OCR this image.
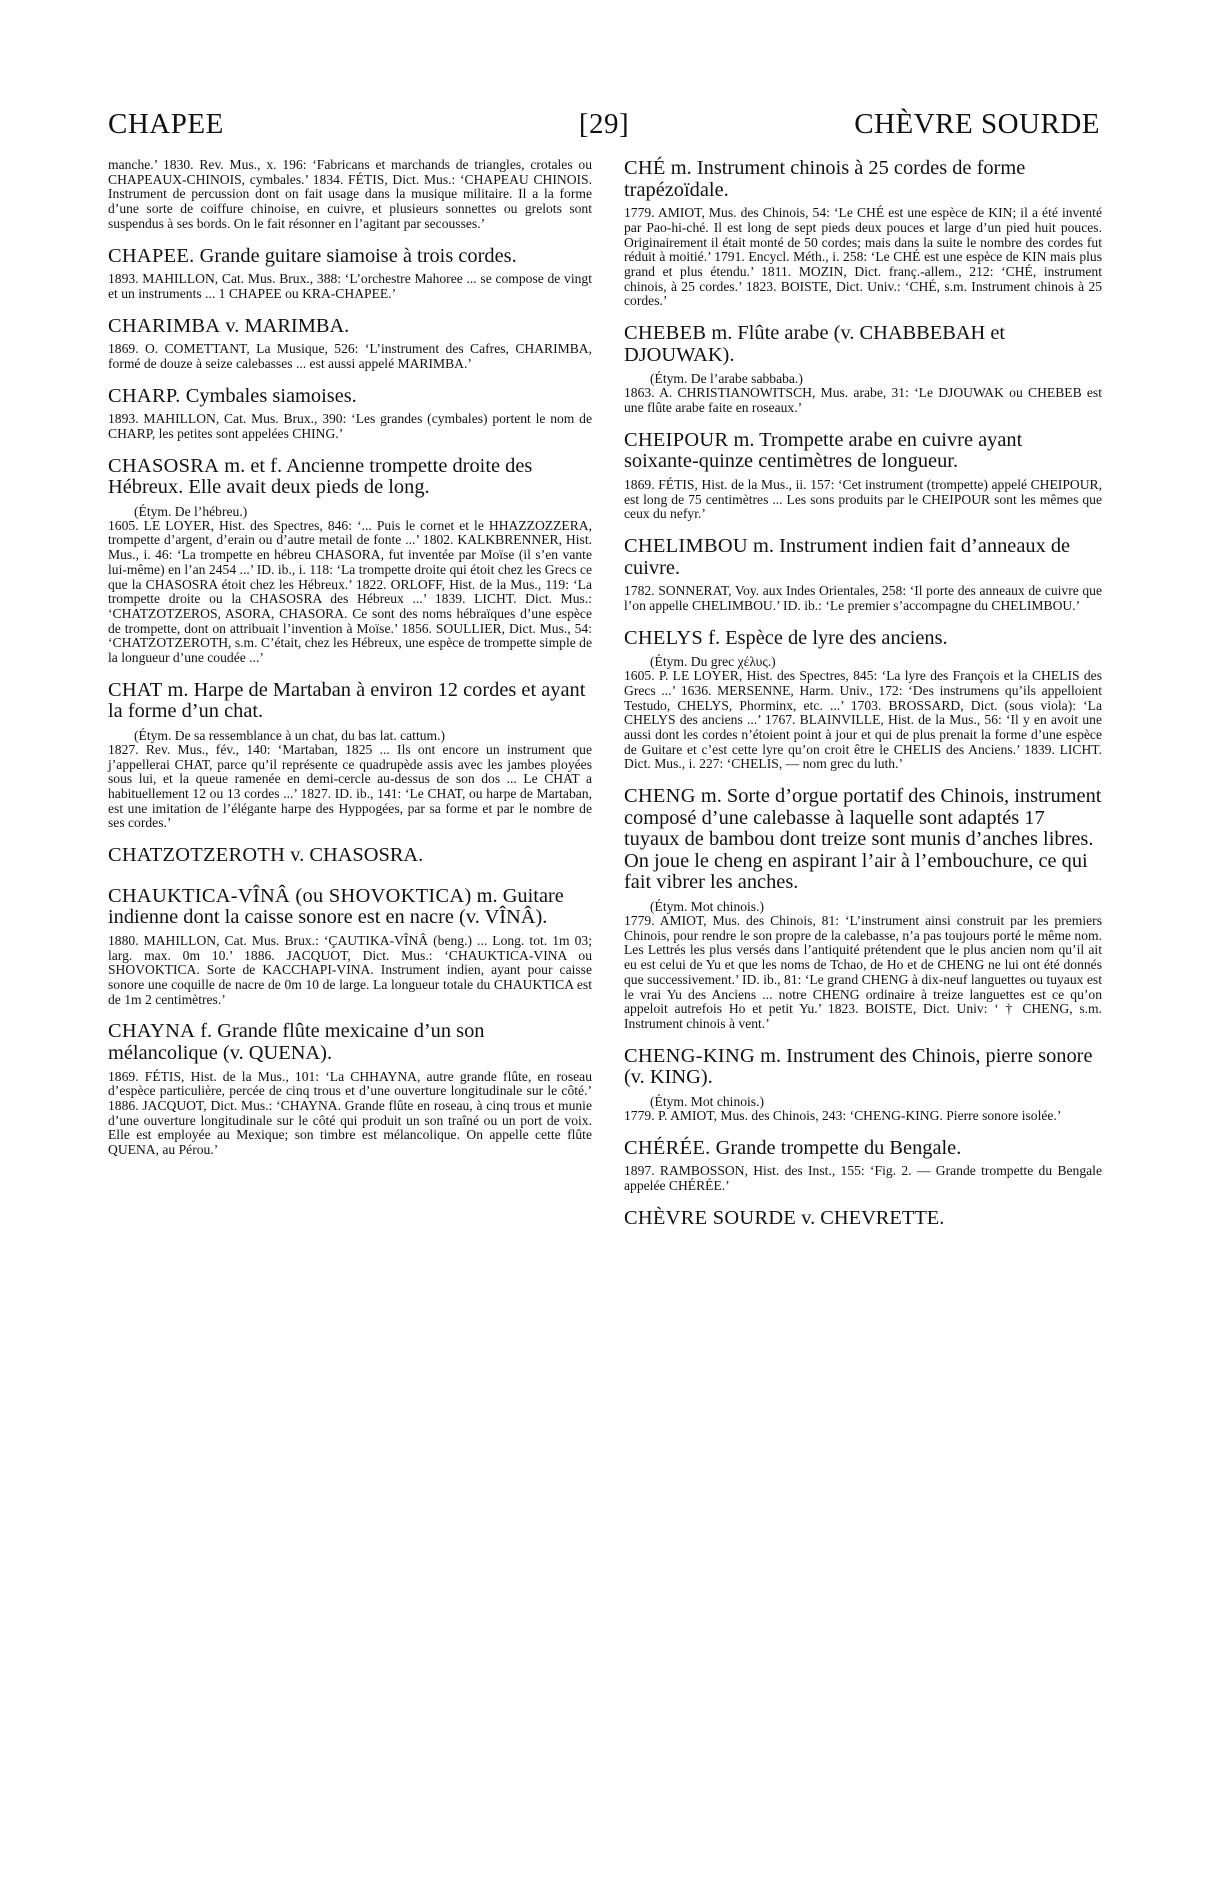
[29]
CHAPEE	CHÈVRE SOURDE

manche.’ 1830. Rev. Mus., x. 196: ‘Fabricans et marchands de triangles, crotales ou CHAPEAUX-CHINOIS, cymbales.’ 1834. FÉTIS, Dict. Mus.: ‘CHAPEAU CHINOIS. Instrument de percussion dont on fait usage dans la musique militaire. Il a la forme d’une sorte de coiffure chinoise, en cuivre, et plusieurs sonnettes ou grelots sont suspendus à ses bords. On le fait résonner en l’agitant par secousses.’

CHAPEE. Grande guitare siamoise à trois cordes.

1893. MAHILLON, Cat. Mus. Brux., 388: ‘L’orchestre Mahoree ... se compose de vingt et un instruments ... 1 CHAPEE ou KRA-CHAPEE.’

CHARIMBA v. MARIMBA.

1869. O. COMETTANT, La Musique, 526: ‘L’instrument des Cafres, CHARIMBA, formé de douze à seize calebasses ... est aussi appelé MARIMBA.’

CHARP. Cymbales siamoises.

1893. MAHILLON, Cat. Mus. Brux., 390: ‘Les grandes (cymbales) portent le nom de CHARP, les petites sont appelées CHING.’

CHASOSRA m. et f. Ancienne trompette droite des Hébreux. Elle avait deux pieds de long.

(Étym. De l’hébreu.)

1605. LE LOYER, Hist. des Spectres, 846: ‘... Puis le cornet et le HHAZZOZZERA, trompette d’argent, d’erain ou d’autre metail de fonte ...’ 1802. KALKBRENNER, Hist. Mus., i. 46: ‘La trompette en hébreu CHASORA, fut inventée par Moïse (il s’en vante lui-même) en l’an 2454 ...’ ID. ib., i. 118: ‘La trompette droite qui étoit chez les Grecs ce que la CHASOSRA étoit chez les Hébreux.’ 1822. ORLOFF, Hist. de la Mus., 119: ‘La trompette droite ou la CHASOSRA des Hébreux ...’ 1839. LICHT. Dict. Mus.: ‘CHATZOTZEROS, ASORA, CHASORA. Ce sont des noms hébraïques d’une espèce de trompette, dont on attribuait l’invention à Moïse.’ 1856. SOULLIER, Dict. Mus., 54: ‘CHATZOTZEROTH, s.m. C’était, chez les Hébreux, une espèce de trompette simple de la longueur d’une coudée ...’

CHAT m. Harpe de Martaban à environ 12 cordes et ayant la forme d’un chat.

(Étym. De sa ressemblance à un chat, du bas lat. cattum.)

1827. Rev. Mus., fév., 140: ‘Martaban, 1825 ... Ils ont encore un instrument que j’appellerai CHAT, parce qu’il représente ce quadrupède assis avec les jambes ployées sous lui, et la queue ramenée en demi-cercle au-dessus de son dos ... Le CHAT a habituellement 12 ou 13 cordes ...’ 1827. ID. ib., 141: ‘Le CHAT, ou harpe de Martaban, est une imitation de l’élégante harpe des Hyppogées, par sa forme et par le nombre de ses cordes.’

CHATZOTZEROTH v. CHASOSRA.

CHAUKTICA-VÎNÂ (ou SHOVOKTICA) m. Guitare indienne dont la caisse sonore est en nacre (v. VÎNÂ).

1880. MAHILLON, Cat. Mus. Brux.: ‘ÇAUTIKA-VÎNÂ (beng.) ... Long. tot. 1m 03; larg. max. 0m 10.’ 1886. JACQUOT, Dict. Mus.: ‘CHAUKTICA-VINA ou SHOVOKTICA. Sorte de KACCHAPI-VINA. Instrument indien, ayant pour caisse sonore une coquille de nacre de 0m 10 de large. La longueur totale du CHAUKTICA est de 1m 2 centimètres.’

CHAYNA f. Grande flûte mexicaine d’un son mélancolique (v. QUENA).

1869. FÉTIS, Hist. de la Mus., 101: ‘La CHHAYNA, autre grande flûte, en roseau d’espèce particulière, percée de cinq trous et d’une ouverture longitudinale sur le côté.’ 1886. JACQUOT, Dict. Mus.: ‘CHAYNA. Grande flûte en roseau, à cinq trous et munie d’une ouverture longitudinale sur le côté qui produit un son traîné ou un port de voix. Elle est employée au Mexique; son timbre est mélancolique. On appelle cette flûte QUENA, au Pérou.’

CHÉ m. Instrument chinois à 25 cordes de forme trapézoïdale.

1779. AMIOT, Mus. des Chinois, 54: ‘Le CHÉ est une espèce de KIN; il a été inventé par Pao-hi-ché. Il est long de sept pieds deux pouces et large d’un pied huit pouces. Originairement il était monté de 50 cordes; mais dans la suite le nombre des cordes fut réduit à moitié.’ 1791. Encycl. Méth., i. 258: ‘Le CHÉ est une espèce de KIN mais plus grand et plus étendu.’ 1811. MOZIN, Dict. franç.-allem., 212: ‘CHÉ, instrument chinois, à 25 cordes.’ 1823. BOISTE, Dict. Univ.: ‘CHÉ, s.m. Instrument chinois à 25 cordes.’

CHEBEB m. Flûte arabe (v. CHABBEBAH et DJOUWAK).

(Étym. De l’arabe sabbaba.)

1863. A. CHRISTIANOWITSCH, Mus. arabe, 31: ‘Le DJOUWAK ou CHEBEB est une flûte arabe faite en roseaux.’

CHEIPOUR m. Trompette arabe en cuivre ayant soixante-quinze centimètres de longueur.

1869. FÉTIS, Hist. de la Mus., ii. 157: ‘Cet instrument (trompette) appelé CHEIPOUR, est long de 75 centimètres ... Les sons produits par le CHEIPOUR sont les mêmes que ceux du nefyr.’

CHELIMBOU m. Instrument indien fait d’anneaux de cuivre.

1782. SONNERAT, Voy. aux Indes Orientales, 258: ‘Il porte des anneaux de cuivre que l’on appelle CHELIMBOU.’ ID. ib.: ‘Le premier s’accompagne du CHELIMBOU.’

CHELYS f. Espèce de lyre des anciens.

(Étym. Du grec χέλυς.)

1605. P. LE LOYER, Hist. des Spectres, 845: ‘La lyre des François et la CHELIS des Grecs ...’ 1636. MERSENNE, Harm. Univ., 172: ‘Des instrumens qu’ils appelloient Testudo, CHELYS, Phorminx, etc. ...’ 1703. BROSSARD, Dict. (sous viola): ‘La CHELYS des anciens ...’ 1767. BLAINVILLE, Hist. de la Mus., 56: ‘Il y en avoit une aussi dont les cordes n’étoient point à jour et qui de plus prenait la forme d’une espèce de Guitare et c’est cette lyre qu’on croit être le CHELIS des Anciens.’ 1839. LICHT. Dict. Mus., i. 227: ‘CHELIS, — nom grec du luth.’

CHENG m. Sorte d’orgue portatif des Chinois, instrument composé d’une calebasse à laquelle sont adaptés 17 tuyaux de bambou dont treize sont munis d’anches libres. On joue le cheng en aspirant l’air à l’embouchure, ce qui fait vibrer les anches.

(Étym. Mot chinois.)

1779. AMIOT, Mus. des Chinois, 81: ‘L’instrument ainsi construit par les premiers Chinois, pour rendre le son propre de la calebasse, n’a pas toujours porté le même nom. Les Lettrés les plus versés dans l’antiquité prétendent que le plus ancien nom qu’il ait eu est celui de Yu et que les noms de Tchao, de Ho et de CHENG ne lui ont été donnés que successivement.’ ID. ib., 81: ‘Le grand CHENG à dix-neuf languettes ou tuyaux est le vrai Yu des Anciens ... notre CHENG ordinaire à treize languettes est ce qu’on appeloit autrefois Ho et petit Yu.’ 1823. BOISTE, Dict. Univ: ‘ † CHENG, s.m. Instrument chinois à vent.’

CHENG-KING m. Instrument des Chinois, pierre sonore (v. KING).

(Étym. Mot chinois.)

1779. P. AMIOT, Mus. des Chinois, 243: ‘CHENG-KING. Pierre sonore isolée.’

CHÉRÉE. Grande trompette du Bengale.

1897. RAMBOSSON, Hist. des Inst., 155: ‘Fig. 2. — Grande trompette du Bengale appelée CHÉRÉE.’

CHÈVRE SOURDE v. CHEVRETTE.
